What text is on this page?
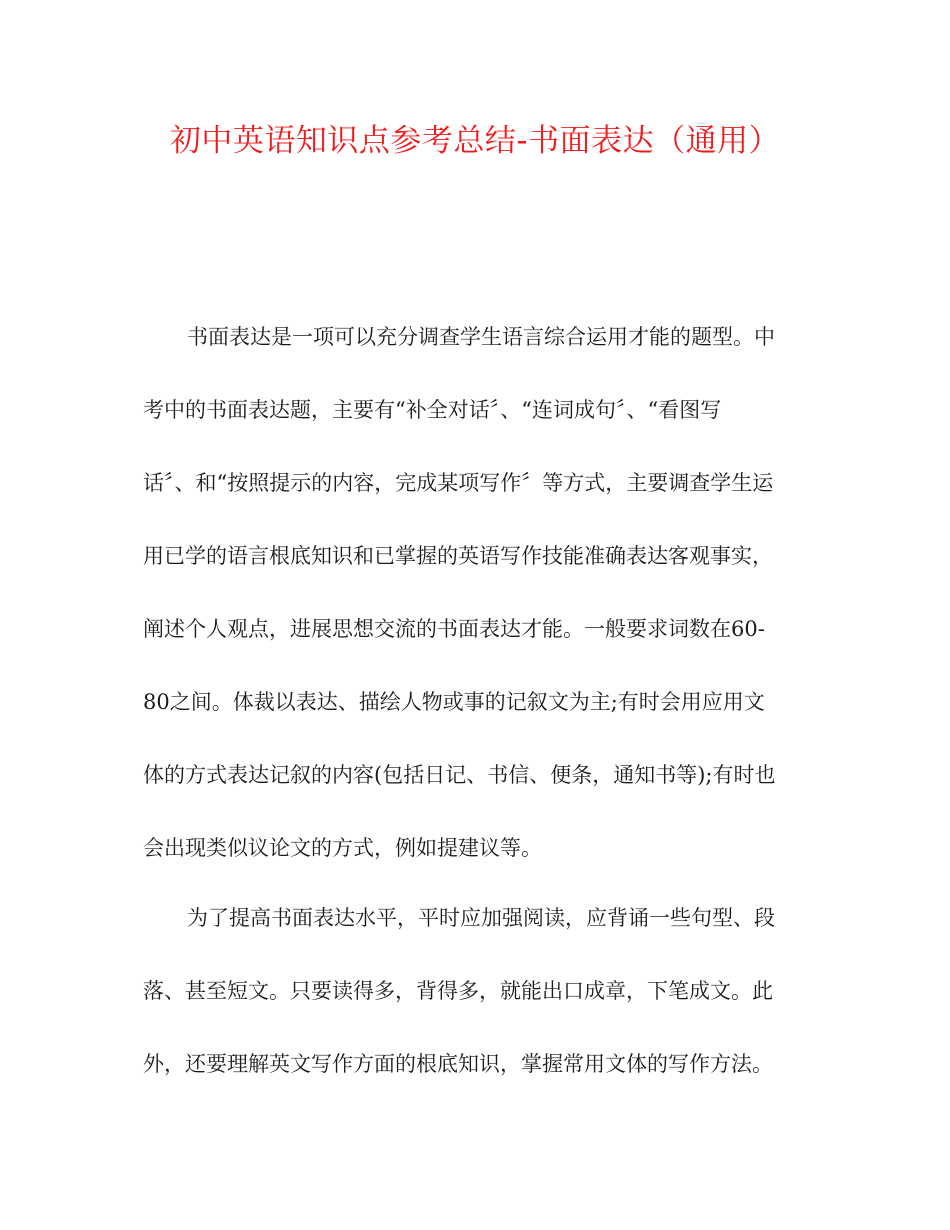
初中英语知识点参考总结-书面表达（通用）
书面表达是一项可以充分调查学生语言综合运用才能的题型。中
考中的书面表达题，主要有“补全对话〞、“连词成句〞、“看图写
话〞、和“按照提示的内容，完成某项写作〞等方式，主要调查学生运
用已学的语言根底知识和已掌握的英语写作技能准确表达客观事实，
阐述个人观点，进展思想交流的书面表达才能。一般要求词数在60-
80之间。体裁以表达、描绘人物或事的记叙文为主;有时会用应用文
体的方式表达记叙的内容(包括日记、书信、便条，通知书等);有时也
会出现类似议论文的方式，例如提建议等。
为了提高书面表达水平，平时应加强阅读，应背诵一些句型、段
落、甚至短文。只要读得多，背得多，就能出口成章，下笔成文。此
外，还要理解英文写作方面的根底知识，掌握常用文体的写作方法。
